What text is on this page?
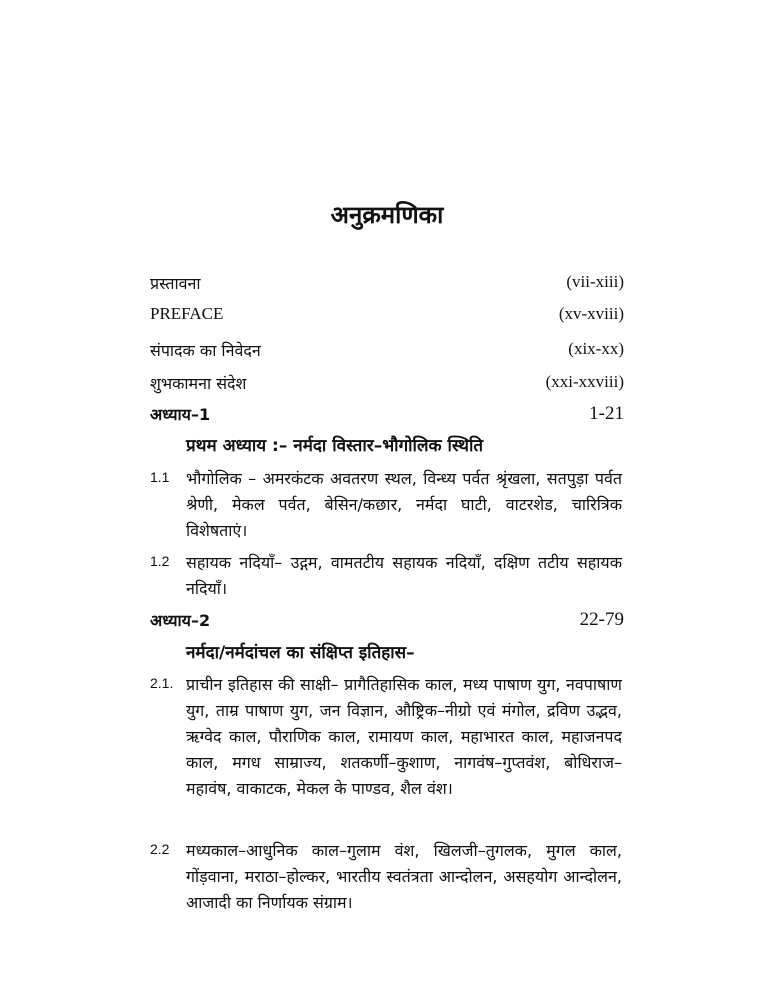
अनुक्रमणिका
प्रस्तावना	(vii-xiii)
PREFACE	(xv-xviii)
संपादक का निवेदन	(xix-xx)
शुभकामना संदेश	(xxi-xxviii)
अध्याय–1	1-21
प्रथम अध्याय :– नर्मदा विस्तार–भौगोलिक स्थिति
1.1 भौगोलिक – अमरकंटक अवतरण स्थल, विन्ध्य पर्वत श्रृंखला, सतपुड़ा पर्वत श्रेणी, मेकल पर्वत, बेसिन/कछार, नर्मदा घाटी, वाटरशेड, चारित्रिक विशेषताएं।
1.2 सहायक नदियाँ– उद्गम, वामतटीय सहायक नदियाँ, दक्षिण तटीय सहायक नदियाँ।
अध्याय–2	22-79
नर्मदा/नर्मदांचल का संक्षिप्त इतिहास–
2.1. प्राचीन इतिहास की साक्षी– प्रागैतिहासिक काल, मध्य पाषाण युग, नवपाषाण युग, ताम्र पाषाण युग, जन विज्ञान, औष्ट्रिक–नीग्रो एवं मंगोल, द्रविण उद्भव, ऋग्वेद काल, पौराणिक काल, रामायण काल, महाभारत काल, महाजनपद काल, मगध साम्राज्य, शतकर्णी–कुशाण, नागवंष–गुप्तवंश, बोधिराज–महावंष, वाकाटक, मेकल के पाण्डव, शैल वंश।
2.2 मध्यकाल–आधुनिक काल–गुलाम वंश, खिलजी–तुगलक, मुगल काल, गोंड़वाना, मराठा–होल्कर, भारतीय स्वतंत्रता आन्दोलन, असहयोग आन्दोलन, आजादी का निर्णायक संग्राम।
